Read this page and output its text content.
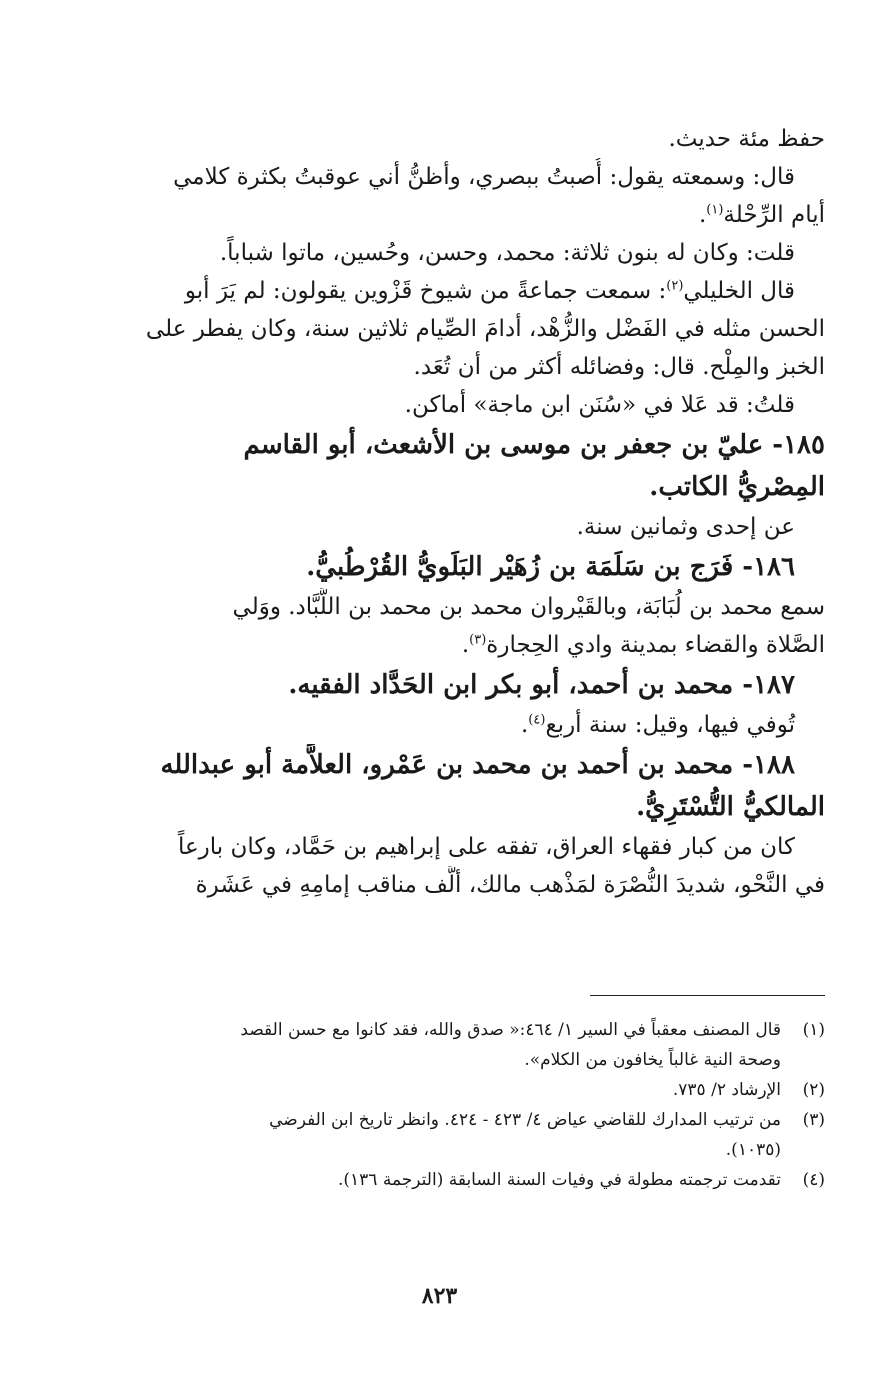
حفظ مئة حديث.
قال: وسمعته يقول: أُصبتُ ببصري، وأظنُّ أني عوقبتُ بكثرة كلامي
أيام الرِّحْلة$^{(١)}$.
قلت: وكان له بنون ثلاثة: محمد، وحسن، وحُسين، ماتوا شباباً.
قال الخليلي$^{(٢)}$: سمعت جماعةً من شيوخ قَزْوين يقولون: لم يَرَ أبو
الحسن مثله في الفَضْل والزُّهْد، أدامَ الصِّيام ثلاثين سنة، وكان يفطر على
الخبز والمِلْح. قال: وفضائله أكثر من أن تُعَد.
قلتُ: قد عَلا في «سُنَن ابن ماجة» أماكن.
١٨٥- عليّ بن جعفر بن موسى بن الأشعث، أبو القاسم
المِصْريُّ الكاتب.
عن إحدى وثمانين سنة.
١٨٦- فَرَج بن سَلَمَة بن زُهَيْر البَلَويُّ القُرْطُبيُّ.
سمع محمد بن لُبَابَة، وبالقَيْروان محمد بن محمد بن اللَّبَّاد. ووَلي
الصَّلاة والقضاء بمدينة وادي الحِجارة$^{(٣)}$.
١٨٧- محمد بن أحمد، أبو بكر ابن الحَدَّاد الفقيه.
تُوفي فيها، وقيل: سنة أربع$^{(٤)}$.
١٨٨- محمد بن أحمد بن محمد بن عَمْرو، العلاَّمة أبو عبدالله
المالكيُّ التُّسْتَرِيُّ.
كان من كبار فقهاء العراق، تفقه على إبراهيم بن حَمَّاد، وكان بارعاً
في النَّحْو، شديدَ النُّصْرَة لمَذْهب مالك، ألَّف مناقب إمامِهِ في عَشَرة
(١)
قال المصنف معقباً في السير ١/ ٤٦٤:« صدق والله، فقد كانوا مع حسن القصد
وصحة النية غالباً يخافون من الكلام».
(٢)
الإرشاد ٢/ ٧٣٥.
(٣)
من ترتيب المدارك للقاضي عياض ٤/ ٤٢٣ - ٤٢٤. وانظر تاريخ ابن الفرضي
(١٠٣٥).
(٤)
تقدمت ترجمته مطولة في وفيات السنة السابقة (الترجمة ١٣٦).
٨٢٣
